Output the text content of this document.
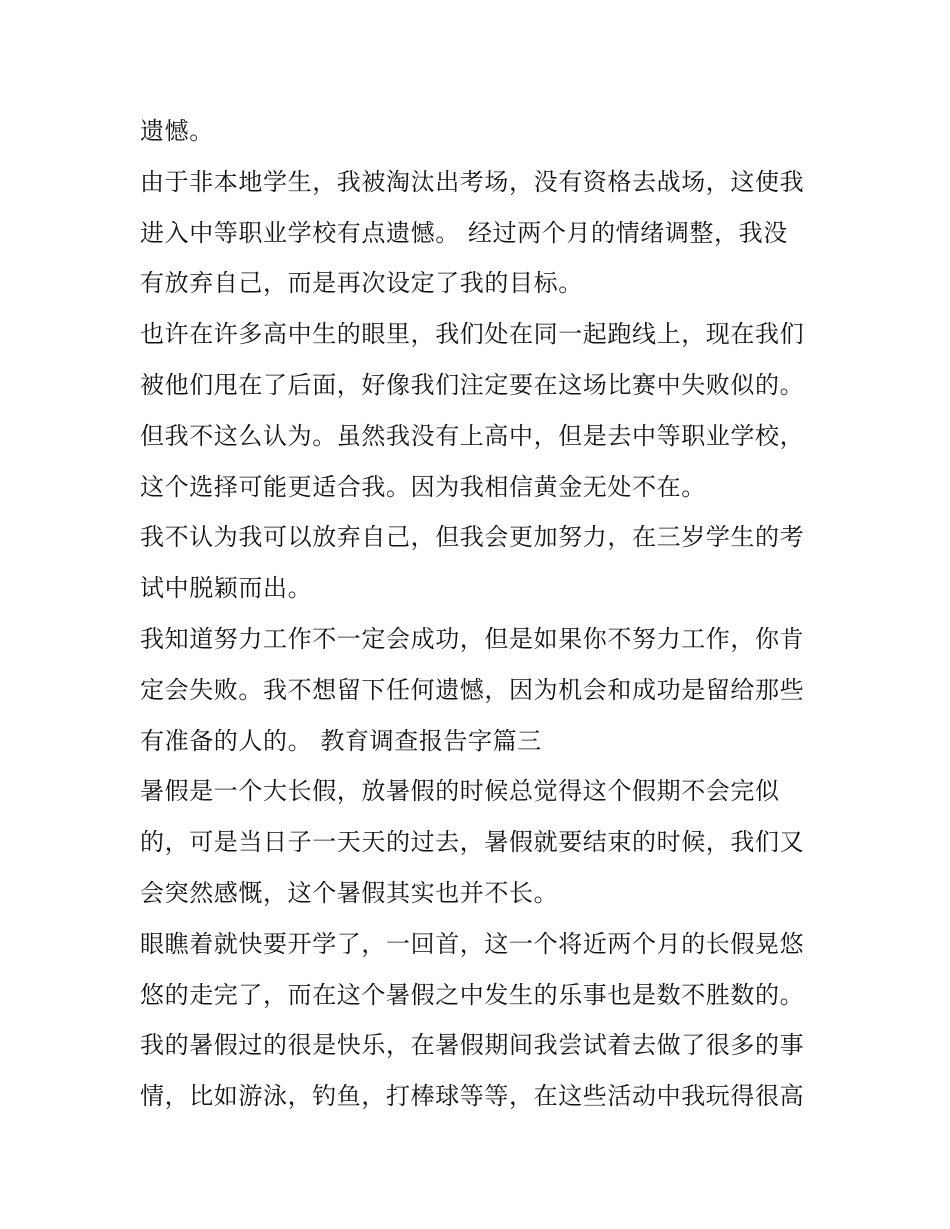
遗憾。
由于非本地学生，我被淘汰出考场，没有资格去战场，这使我
进入中等职业学校有点遗憾。 经过两个月的情绪调整，我没
有放弃自己，而是再次设定了我的目标。
也许在许多高中生的眼里，我们处在同一起跑线上，现在我们
被他们甩在了后面，好像我们注定要在这场比赛中失败似的。
但我不这么认为。虽然我没有上高中，但是去中等职业学校，
这个选择可能更适合我。因为我相信黄金无处不在。
我不认为我可以放弃自己，但我会更加努力，在三岁学生的考
试中脱颖而出。
我知道努力工作不一定会成功，但是如果你不努力工作，你肯
定会失败。我不想留下任何遗憾，因为机会和成功是留给那些
有准备的人的。 教育调查报告字篇三
暑假是一个大长假，放暑假的时候总觉得这个假期不会完似
的，可是当日子一天天的过去，暑假就要结束的时候，我们又
会突然感慨，这个暑假其实也并不长。
眼瞧着就快要开学了，一回首，这一个将近两个月的长假晃悠
悠的走完了，而在这个暑假之中发生的乐事也是数不胜数的。
我的暑假过的很是快乐，在暑假期间我尝试着去做了很多的事
情，比如游泳，钓鱼，打棒球等等，在这些活动中我玩得很高
